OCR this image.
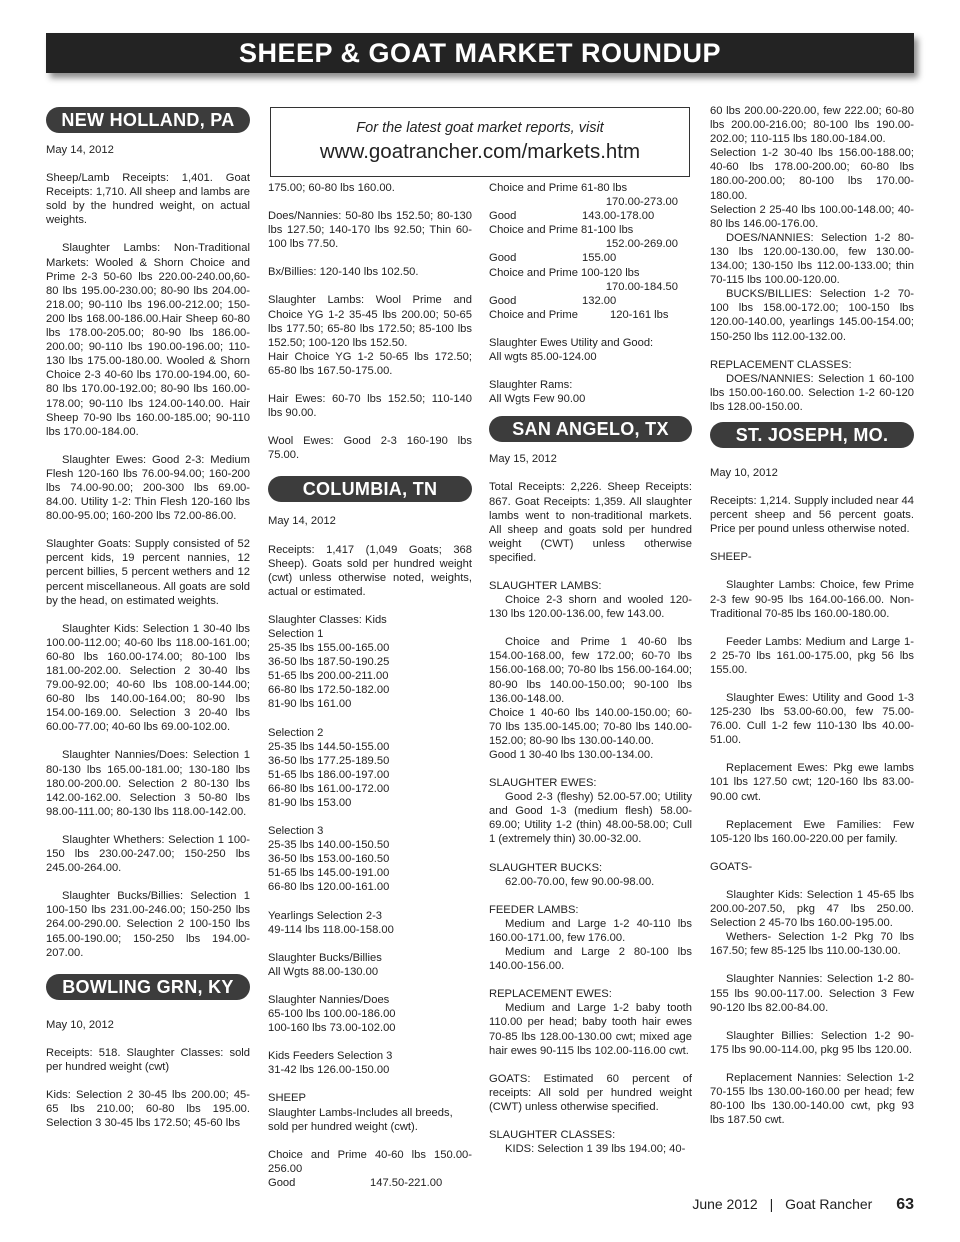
SHEEP & GOAT MARKET ROUNDUP
For the latest goat market reports, visit
www.goatrancher.com/markets.htm
NEW HOLLAND, PA

May 14, 2012

Sheep/Lamb Receipts: 1,401. Goat Receipts: 1,710. All sheep and lambs are sold by the hundred weight, on actual weights.

Slaughter Lambs: Non-Traditional Markets: Wooled & Shorn Choice and Prime 2-3 50-60 lbs 220.00-240.00,60-80 lbs 195.00-230.00; 80-90 lbs 204.00-218.00; 90-110 lbs 196.00-212.00; 150-200 lbs 168.00-186.00.Hair Sheep 60-80 lbs 178.00-205.00; 80-90 lbs 186.00-200.00; 90-110 lbs 190.00-196.00; 110-130 lbs 175.00-180.00. Wooled & Shorn Choice 2-3 40-60 lbs 170.00-194.00, 60-80 lbs 170.00-192.00; 80-90 lbs 160.00-178.00; 90-110 lbs 124.00-140.00. Hair Sheep 70-90 lbs 160.00-185.00; 90-110 lbs 170.00-184.00.

Slaughter Ewes: Good 2-3: Medium Flesh 120-160 lbs 76.00-94.00; 160-200 lbs 74.00-90.00; 200-300 lbs 69.00-84.00. Utility 1-2: Thin Flesh 120-160 lbs 80.00-95.00; 160-200 lbs 72.00-86.00.

Slaughter Goats: Supply consisted of 52 percent kids, 19 percent nannies, 12 percent billies, 5 percent wethers and 12 percent miscellaneous. All goats are sold by the head, on estimated weights.

Slaughter Kids: Selection 1 30-40 lbs 100.00-112.00; 40-60 lbs 118.00-161.00; 60-80 lbs 160.00-174.00; 80-100 lbs 181.00-202.00. Selection 2 30-40 lbs 79.00-92.00; 40-60 lbs 108.00-144.00; 60-80 lbs 140.00-164.00; 80-90 lbs 154.00-169.00. Selection 3 20-40 lbs 60.00-77.00; 40-60 lbs 69.00-102.00.

Slaughter Nannies/Does: Selection 1 80-130 lbs 165.00-181.00; 130-180 lbs 180.00-200.00. Selection 2 80-130 lbs 142.00-162.00. Selection 3 50-80 lbs 98.00-111.00; 80-130 lbs 118.00-142.00.

Slaughter Whethers: Selection 1 100-150 lbs 230.00-247.00; 150-250 lbs 245.00-264.00.

Slaughter Bucks/Billies: Selection 1 100-150 lbs 231.00-246.00; 150-250 lbs 264.00-290.00. Selection 2 100-150 lbs 165.00-190.00; 150-250 lbs 194.00-207.00.

BOWLING GRN, KY

May 10, 2012

Receipts: 518. Slaughter Classes: sold per hundred weight (cwt)

Kids: Selection 2 30-45 lbs 200.00; 45-65 lbs 210.00; 60-80 lbs 195.00. Selection 3 30-45 lbs 172.50; 45-60 lbs

175.00; 60-80 lbs 160.00.

Does/Nannies: 50-80 lbs 152.50; 80-130 lbs 127.50; 140-170 lbs 92.50; Thin 60-100 lbs 77.50.

Bx/Billies: 120-140 lbs 102.50.

Slaughter Lambs: Wool Prime and Choice YG 1-2 35-45 lbs 200.00; 50-65 lbs 177.50; 65-80 lbs 172.50; 85-100 lbs 152.50; 100-120 lbs 152.50.

Hair Choice YG 1-2 50-65 lbs 172.50; 65-80 lbs 167.50-175.00.

Hair Ewes: 60-70 lbs 152.50; 110-140 lbs 90.00.

Wool Ewes: Good 2-3 160-190 lbs 75.00.

COLUMBIA, TN

May 14, 2012

Receipts: 1,417 (1,049 Goats; 368 Sheep). Goats sold per hundred weight (cwt) unless otherwise noted, weights, actual or estimated.

Slaughter Classes: Kids
Selection 1
25-35 lbs 155.00-165.00
36-50 lbs 187.50-190.25
51-65 lbs 200.00-211.00
66-80 lbs 172.50-182.00
81-90 lbs 161.00
Selection 2
25-35 lbs 144.50-155.00
36-50 lbs 177.25-189.50
51-65 lbs 186.00-197.00
66-80 lbs 161.00-172.00
81-90 lbs 153.00
Selection 3
25-35 lbs 140.00-150.50
36-50 lbs 153.00-160.50
51-65 lbs 145.00-191.00
66-80 lbs 120.00-161.00
Yearlings Selection 2-3
49-114 lbs 118.00-158.00
Slaughter Bucks/Billies
All Wgts 88.00-130.00
Slaughter Nannies/Does
65-100 lbs 100.00-186.00
100-160 lbs 73.00-102.00
Kids Feeders Selection 3
31-42 lbs 126.00-150.00
SHEEP
Slaughter Lambs-Includes all breeds, sold per hundred weight (cwt).

Choice and Prime 40-60 lbs 150.00-256.00

Good	147.50-221.00
Choice and Prime 61-80 lbs
170.00-273.00
Good	143.00-178.00
Choice and Prime 81-100 lbs
152.00-269.00
Good	155.00
Choice and Prime 100-120 lbs
170.00-184.50
Good	132.00
Choice and Prime	120-161 lbs
Slaughter Ewes Utility and Good:
All wgts 85.00-124.00
Slaughter Rams:
All Wgts Few 90.00
SAN ANGELO, TX

May 15, 2012

Total Receipts: 2,226. Sheep Receipts: 867. Goat Receipts: 1,359. All slaughter lambs went to non-traditional markets. All sheep and goats sold per hundred weight (CWT) unless otherwise specified.

SLAUGHTER LAMBS:

Choice 2-3 shorn and wooled 120-130 lbs 120.00-136.00, few 143.00.

Choice and Prime 1 40-60 lbs 154.00-168.00, few 172.00; 60-70 lbs 156.00-168.00; 70-80 lbs 156.00-164.00; 80-90 lbs 140.00-150.00; 90-100 lbs 136.00-148.00.

Choice 1 40-60 lbs 140.00-150.00; 60-70 lbs 135.00-145.00; 70-80 lbs 140.00-152.00; 80-90 lbs 130.00-140.00.

Good 1 30-40 lbs 130.00-134.00.

SLAUGHTER EWES:

Good 2-3 (fleshy) 52.00-57.00; Utility and Good 1-3 (medium flesh) 58.00-69.00; Utility 1-2 (thin) 48.00-58.00; Cull 1 (extremely thin) 30.00-32.00.

SLAUGHTER BUCKS:

62.00-70.00, few 90.00-98.00.

FEEDER LAMBS:

Medium and Large 1-2 40-110 lbs 160.00-171.00, few 176.00.

Medium and Large 2 80-100 lbs 140.00-156.00.

REPLACEMENT EWES:

Medium and Large 1-2 baby tooth 110.00 per head; baby tooth hair ewes 70-85 lbs 128.00-130.00 cwt; mixed age hair ewes 90-115 lbs 102.00-116.00 cwt.

GOATS: Estimated 60 percent of receipts: All sold per hundred weight (CWT) unless otherwise specified.

SLAUGHTER CLASSES:

KIDS: Selection 1 39 lbs 194.00; 40-

60 lbs 200.00-220.00, few 222.00; 60-80 lbs 200.00-216.00; 80-100 lbs 190.00-202.00; 110-115 lbs 180.00-184.00.

Selection 1-2 30-40 lbs 156.00-188.00; 40-60 lbs 178.00-200.00; 60-80 lbs 180.00-200.00; 80-100 lbs 170.00-180.00.

Selection 2 25-40 lbs 100.00-148.00; 40-80 lbs 146.00-176.00.

DOES/NANNIES: Selection 1-2 80-130 lbs 120.00-130.00, few 130.00-134.00; 130-150 lbs 112.00-133.00; thin 70-115 lbs 100.00-120.00.

BUCKS/BILLIES: Selection 1-2 70-100 lbs 158.00-172.00; 100-150 lbs 120.00-140.00, yearlings 145.00-154.00; 150-250 lbs 112.00-132.00.

REPLACEMENT CLASSES:

DOES/NANNIES: Selection 1 60-100 lbs 150.00-160.00. Selection 1-2 60-120 lbs 128.00-150.00.

ST. JOSEPH, MO.

May 10, 2012

Receipts: 1,214. Supply included near 44 percent sheep and 56 percent goats. Price per pound unless otherwise noted.

SHEEP-

Slaughter Lambs: Choice, few Prime 2-3 few 90-95 lbs 164.00-166.00. Non-Traditional 70-85 lbs 160.00-180.00.

Feeder Lambs: Medium and Large 1-2 25-70 lbs 161.00-175.00, pkg 56 lbs 155.00.

Slaughter Ewes: Utility and Good 1-3 125-230 lbs 53.00-60.00, few 75.00-76.00. Cull 1-2 few 110-130 lbs 40.00-51.00.

Replacement Ewes: Pkg ewe lambs 101 lbs 127.50 cwt; 120-160 lbs 83.00-90.00 cwt.

Replacement Ewe Families: Few 105-120 lbs 160.00-220.00 per family.

GOATS-

Slaughter Kids: Selection 1 45-65 lbs 200.00-207.50, pkg 47 lbs 250.00. Selection 2 45-70 lbs 160.00-195.00.

Wethers- Selection 1-2 Pkg 70 lbs 167.50; few 85-125 lbs 110.00-130.00.

Slaughter Nannies: Selection 1-2 80-155 lbs 90.00-117.00. Selection 3 Few 90-120 lbs 82.00-84.00.

Slaughter Billies: Selection 1-2 90-175 lbs 90.00-114.00, pkg 95 lbs 120.00.

Replacement Nannies: Selection 1-2 70-155 lbs 130.00-160.00 per head; few 80-100 lbs 130.00-140.00 cwt, pkg 93 lbs 187.50 cwt.

June 2012 | Goat Rancher 63
